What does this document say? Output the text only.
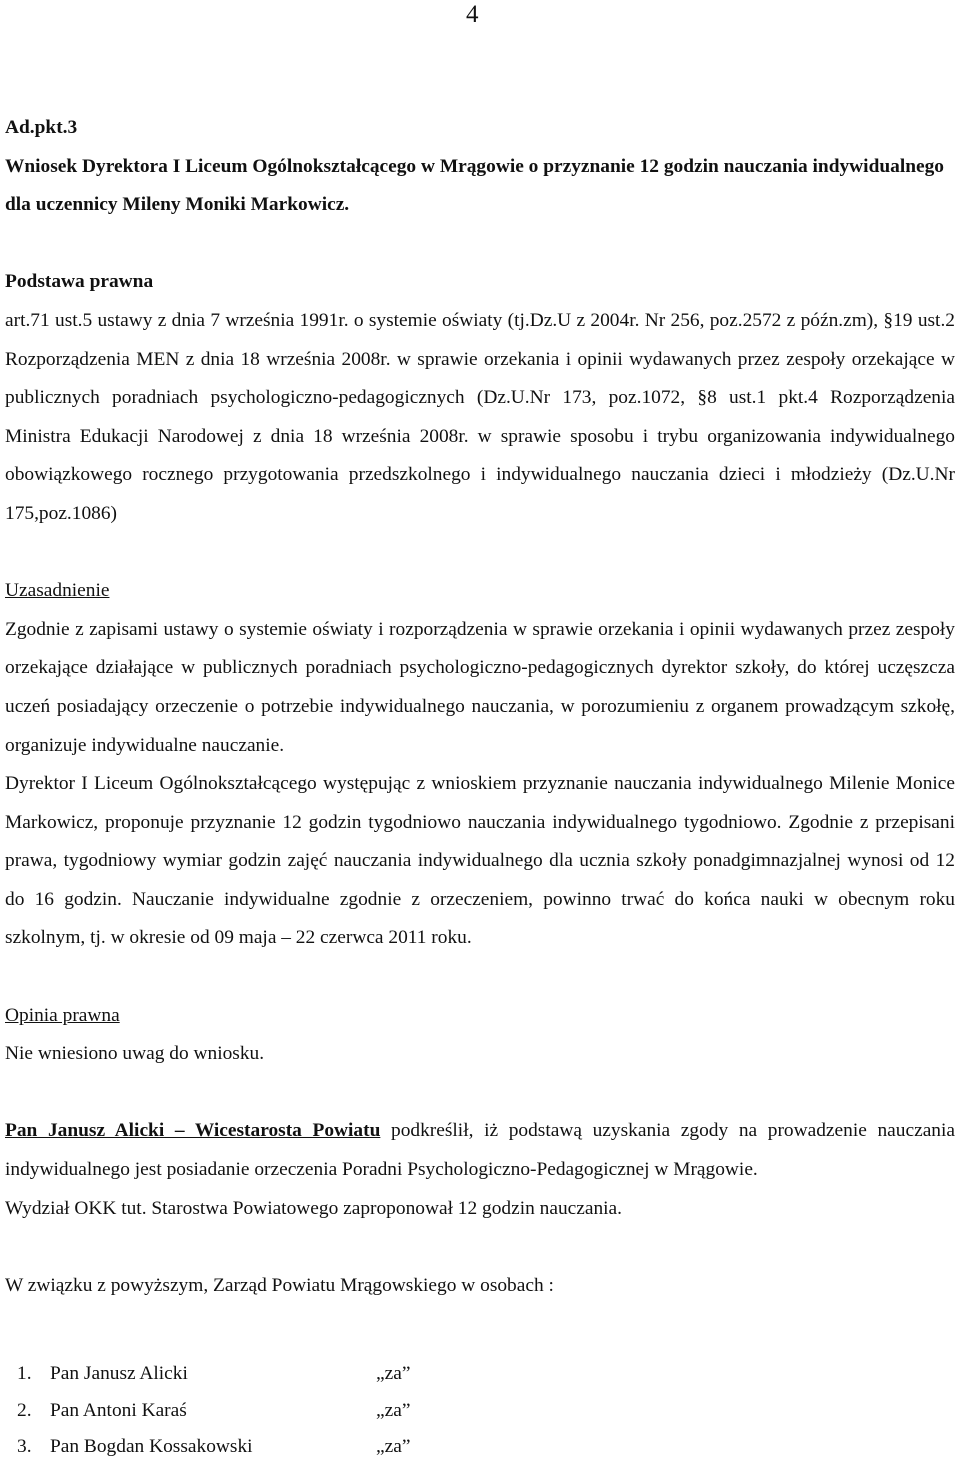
4

Ad.pkt.3

Wniosek Dyrektora I Liceum Ogólnokształcącego w Mrągowie o przyznanie 12 godzin nauczania indywidualnego dla uczennicy Mileny Moniki Markowicz.

Podstawa prawna

art.71 ust.5 ustawy z dnia 7 września 1991r. o systemie oświaty (tj.Dz.U z 2004r. Nr 256, poz.2572 z późn.zm), §19 ust.2 Rozporządzenia MEN z dnia 18 września 2008r. w sprawie orzekania i opinii wydawanych przez zespoły orzekające w publicznych poradniach psychologiczno-pedagogicznych (Dz.U.Nr 173, poz.1072, §8 ust.1 pkt.4 Rozporządzenia Ministra Edukacji Narodowej z dnia 18 września 2008r. w sprawie sposobu i trybu organizowania indywidualnego obowiązkowego rocznego przygotowania przedszkolnego i indywidualnego nauczania dzieci i młodzieży (Dz.U.Nr 175,poz.1086)

Uzasadnienie

Zgodnie z zapisami ustawy o systemie oświaty i rozporządzenia w sprawie orzekania i opinii wydawanych przez zespoły orzekające działające w publicznych poradniach psychologiczno-pedagogicznych dyrektor szkoły, do której uczęszcza uczeń posiadający orzeczenie o potrzebie indywidualnego nauczania, w porozumieniu z organem prowadzącym szkołę, organizuje indywidualne nauczanie.

Dyrektor I Liceum Ogólnokształcącego występując z wnioskiem przyznanie nauczania indywidualnego Milenie Monice Markowicz, proponuje przyznanie 12 godzin tygodniowo nauczania indywidualnego tygodniowo. Zgodnie z przepisani prawa, tygodniowy wymiar godzin zajęć nauczania indywidualnego dla ucznia szkoły ponadgimnazjalnej wynosi od 12 do 16 godzin. Nauczanie indywidualne zgodnie z orzeczeniem, powinno trwać do końca nauki w obecnym roku szkolnym, tj. w okresie od 09 maja – 22 czerwca 2011 roku.

Opinia prawna

Nie wniesiono uwag do wniosku.

Pan Janusz Alicki – Wicestarosta Powiatu podkreślił, iż podstawą uzyskania zgody na prowadzenie nauczania indywidualnego jest posiadanie orzeczenia Poradni Psychologiczno-Pedagogicznej w Mrągowie.

Wydział OKK tut. Starostwa Powiatowego zaproponował 12 godzin nauczania.

W związku z powyższym, Zarząd Powiatu Mrągowskiego w osobach :

1. Pan Janusz Alicki	„za”
2. Pan Antoni Karaś	„za”
3. Pan Bogdan Kossakowski	„za”
